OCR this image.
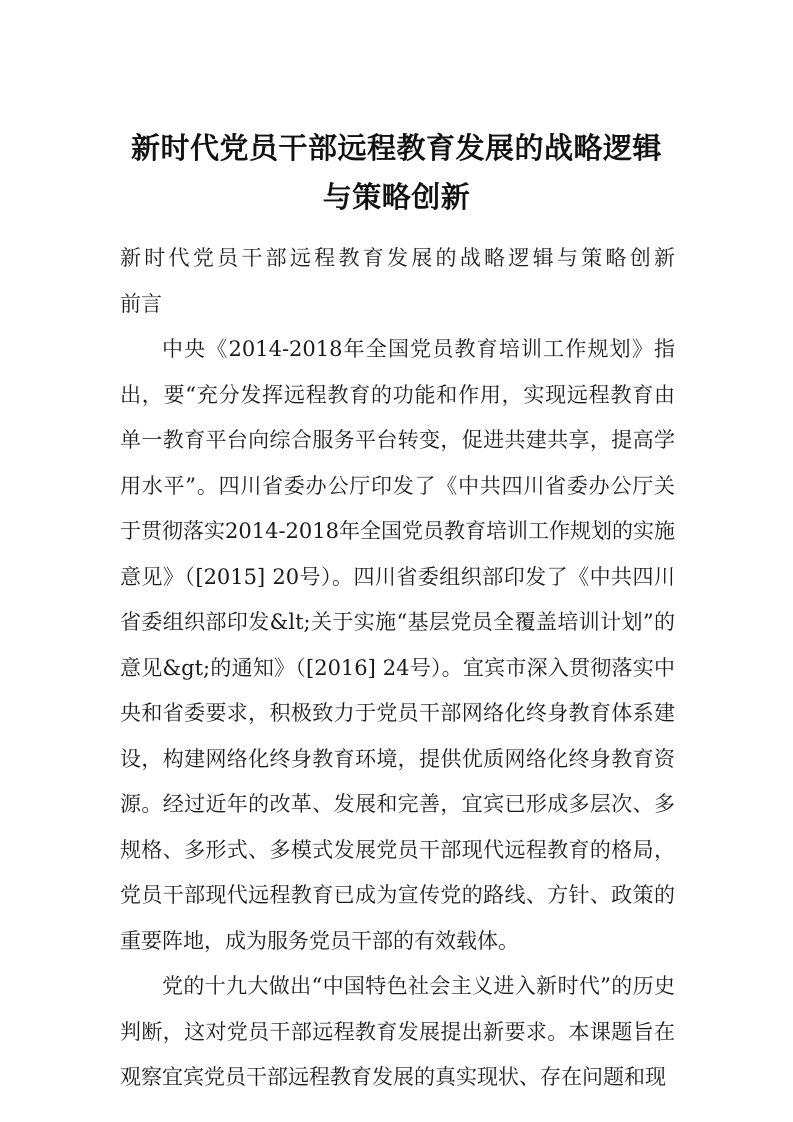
新时代党员干部远程教育发展的战略逻辑
与策略创新

新时代党员干部远程教育发展的战略逻辑与策略创新

前言

中央《2014-2018年全国党员教育培训工作规划》指出，要“充分发挥远程教育的功能和作用，实现远程教育由单一教育平台向综合服务平台转变，促进共建共享，提高学用水平”。四川省委办公厅印发了《中共四川省委办公厅关于贯彻落实2014-2018年全国党员教育培训工作规划的实施意见》（[2015] 20号）。四川省委组织部印发了《中共四川省委组织部印发&lt;关于实施“基层党员全覆盖培训计划”的意见&gt;的通知》（[2016] 24号）。宜宾市深入贯彻落实中央和省委要求，积极致力于党员干部网络化终身教育体系建设，构建网络化终身教育环境，提供优质网络化终身教育资源。经过近年的改革、发展和完善，宜宾已形成多层次、多规格、多形式、多模式发展党员干部现代远程教育的格局，党员干部现代远程教育已成为宣传党的路线、方针、政策的重要阵地，成为服务党员干部的有效载体。

党的十九大做出“中国特色社会主义进入新时代”的历史判断，这对党员干部远程教育发展提出新要求。本课题旨在观察宜宾党员干部远程教育发展的真实现状、存在问题和现
